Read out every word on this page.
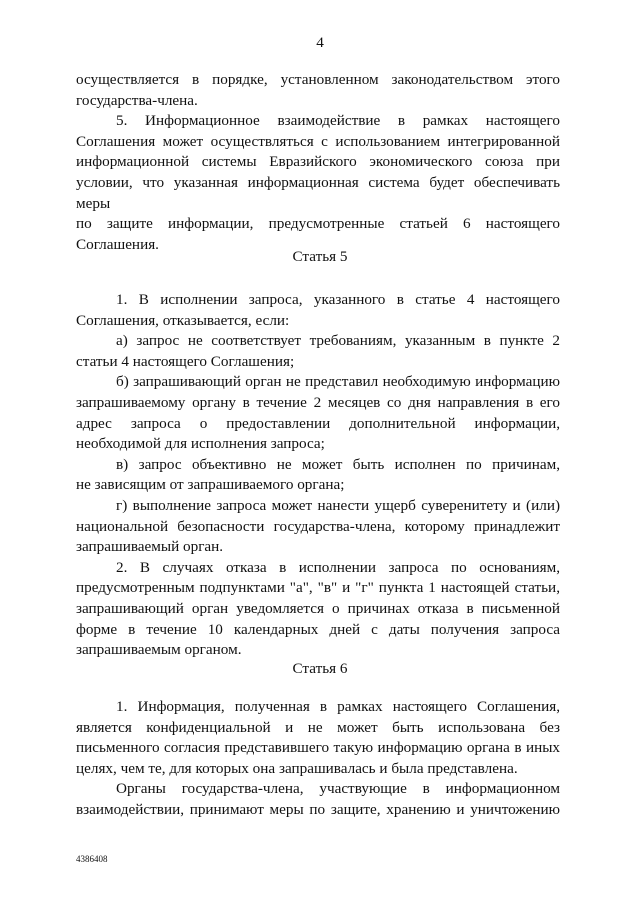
4

осуществляется в порядке, установленном законодательством этого

государства-члена.

5. Информационное взаимодействие в рамках настоящего

Соглашения может осуществляться с использованием интегрированной

информационной системы Евразийского экономического союза при

условии, что указанная информационная система будет обеспечивать меры

по защите информации, предусмотренные статьей 6 настоящего

Соглашения.

Статья 5

1. В исполнении запроса, указанного в статье 4 настоящего

Соглашения, отказывается, если:

а) запрос не соответствует требованиям, указанным в пункте 2

статьи 4 настоящего Соглашения;

б) запрашивающий орган не представил необходимую информацию

запрашиваемому органу в течение 2 месяцев со дня направления в его

адрес запроса о предоставлении дополнительной информации,

необходимой для исполнения запроса;

в) запрос объективно не может быть исполнен по причинам,

не зависящим от запрашиваемого органа;

г) выполнение запроса может нанести ущерб суверенитету и (или)

национальной безопасности государства-члена, которому принадлежит

запрашиваемый орган.

2. В случаях отказа в исполнении запроса по основаниям,

предусмотренным подпунктами "а", "в" и "г" пункта 1 настоящей статьи,

запрашивающий орган уведомляется о причинах отказа в письменной

форме в течение 10 календарных дней с даты получения запроса

запрашиваемым органом.

Статья 6

1. Информация, полученная в рамках настоящего Соглашения,

является конфиденциальной и не может быть использована без

письменного согласия представившего такую информацию органа в иных

целях, чем те, для которых она запрашивалась и была представлена.

Органы государства-члена, участвующие в информационном

взаимодействии, принимают меры по защите, хранению и уничтожению

4386408
